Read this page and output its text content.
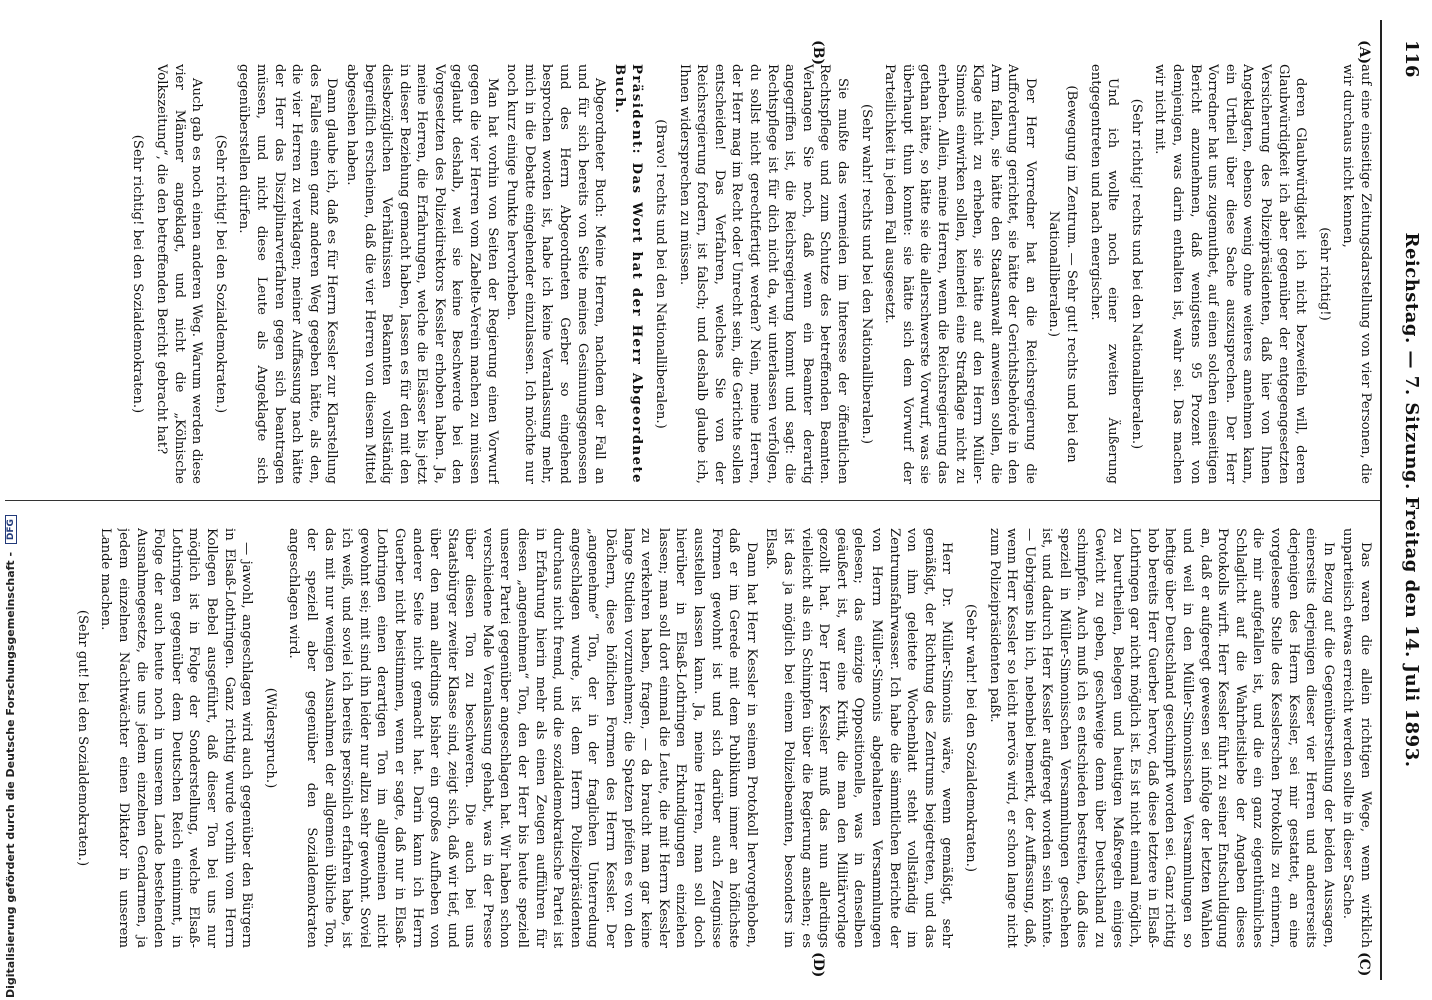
116
Reichstag. — 7. Sitzung. Freitag den 14. Juli 1893.
(A)
(B)
(C)
(D)

auf eine einseitige Zeitungsdarstellung von vier Personen, die wir durchaus nicht kennen,

(sehr richtig!)

deren Glaubwürdigkeit ich nicht bezweifeln will, deren Glaubwürdigkeit ich aber gegenüber der entgegengesetzten Versicherung des Polizeipräsidenten, daß hier von Ihnen Angeklagten, ebenso wenig ohne weiteres annehmen kann, ein Urtheil über diese Sache auszusprechen. Der Herr Vorredner hat uns zugemuthet, auf einen solchen einseitigen Bericht anzunehmen, daß wenigstens 95 Prozent von demjenigen, was darin enthalten ist, wahr sei. Das machen wir nicht mit.

(Sehr richtig! rechts und bei den Nationalliberalen.)

Und ich wollte noch einer zweiten Äußerung entgegentreten und nach energischer.

(Bewegung im Zentrum. — Sehr gut! rechts und bei den Nationalliberalen.)

Der Herr Vorredner hat an die Reichsregierung die Aufforderung gerichtet, sie hätte der Gerichtsbehörde in den Arm fallen, sie hätte den Staatsanwalt anweisen sollen, die Klage nicht zu erheben, sie hätte auf den Herrn Müller-Simonis einwirken sollen, keinerlei eine Strafklage nicht zu erheben. Allein, meine Herren, wenn die Reichsregierung das gethan hätte, so hätte sie die allerschwerste Vorwurf, was sie überhaupt thun konnte: sie hätte sich dem Vorwurf der Parteilichkeit in jedem Fall ausgesetzt.

(Sehr wahr! rechts und bei den Nationalliberalen.)

Sie mußte das vermeiden im Interesse der öffentlichen Rechtspflege und zum Schutze des betreffenden Beamten. Verlangen Sie noch, daß wenn ein Beamter derartig angegriffen ist, die Reichsregierung kommt und sagt: die Rechtspflege ist für dich nicht da, wir unterlassen verfolgen, du sollst nicht gerechtfertigt werden? Nein, meine Herren, der Herr mag im Recht oder Unrecht sein, die Gerichte sollen entscheiden! Das Verfahren, welches Sie von der Reichsregierung fordern, ist falsch; und deshalb glaube ich, Ihnen widersprechen zu müssen.

(Bravo! rechts und bei den Nationalliberalen.)

Präsident: Das Wort hat der Herr Abgeordnete Buch.

Abgeordneter Buch: Meine Herren, nachdem der Fall an und für sich bereits von Seite meines Gesinnungsgenossen und des Herrn Abgeordneten Gerber so eingehend besprochen worden ist, habe ich keine Veranlassung mehr, mich in die Debatte eingehender einzulassen. Ich möchte nur noch kurz einige Punkte hervorheben.

Man hat vorhin von Seiten der Regierung einen Vorwurf gegen die vier Herren vom Zabelte-Verein machen zu müssen geglaubt deshalb, weil sie keine Beschwerde bei den Vorgesetzten des Polizeidirektors Kessler erhoben haben. Ja, meine Herren, die Erfahrungen, welche die Elsässer bis jetzt in dieser Beziehung gemacht haben, lassen es für den mit den diesbezüglichen Verhältnissen Bekannten vollständig begreiflich erscheinen, daß die vier Herren von diesem Mittel abgesehen haben.

Dann glaube ich, daß es für Herrn Kessler zur Klarstellung des Falles einen ganz anderen Weg gegeben hätte, als den, die vier Herren zu verklagen; meiner Auffassung nach hätte der Herr das Disziplinarverfahren gegen sich beantragen müssen, und nicht diese Leute als Angeklagte sich gegenüberstellen dürfen.

(Sehr richtig! bei den Sozialdemokraten.)

Auch gab es noch einen anderen Weg. Warum werden diese vier Männer angeklagt, und nicht die „Kölnische Volkszeitung“, die den betreffenden Bericht gebracht hat?

(Sehr richtig! bei den Sozialdemokraten.)

Das waren die allein richtigen Wege, wenn wirklich unparteiisch etwas erreicht werden sollte in dieser Sache.

In Bezug auf die Gegenüberstellung der beiden Aussagen, einerseits derjenigen dieser vier Herren und andererseits derjenigen des Herrn Kessler, sei mir gestattet, an eine vorgelesene Stelle des Kesslerschen Protokolls zu erinnern, die mir aufgefallen ist, und die ein ganz eigenthümliches Schlaglicht auf die Wahrheitsliebe der Angaben dieses Protokolls wirft. Herr Kessler führt zu seiner Entschuldigung an, daß er aufgeregt gewesen sei infolge der letzten Wahlen und weil in den Müller-Simonisschen Versammlungen so heftige über Deutschland geschimpft worden sei. Ganz richtig hob bereits Herr Guerber hervor, daß diese letztere in Elsaß-Lothringen gar nicht möglich ist. Es ist nicht einmal möglich, zu beurtheilen, Belegen und heutigen Maßregeln einiges Gewicht zu geben, geschweige denn über Deutschland zu schimpfen. Auch muß ich es entschieden bestreiten, daß dies speziell in Müller-Simonisschen Versammlungen geschehen ist, und dadurch Herr Kessler aufgeregt worden sein könnte. — Uebrigens bin ich, nebenbei bemerkt, der Auffassung, daß, wenn Herr Kessler so leicht nervös wird, er schon lange nicht zum Polizeipräsidenten paßt.

(Sehr wahr! bei den Sozialdemokraten.)

Herr Dr. Müller-Simonis wäre, wenn gemäßigt, sehr gemäßigt, der Richtung des Zentrums beigetreten, und das von ihm geleitete Wochenblatt steht vollständig im Zentrumsfahrwasser. Ich habe die sämmtlichen Berichte der von Herrn Müller-Simonis abgehaltenen Versammlungen gelesen; das einzige Oppositionelle, was in denselben geäußert ist, war eine Kritik, die man den Militärvorlage gezollt hat. Der Herr Kessler muß das nun allerdings vielleicht als ein Schimpfen über die Regierung ansehen; es ist das ja möglich bei einem Polizeibeamten, besonders im Elsaß.

Dann hat Herr Kessler in seinem Protokoll hervorgehoben, daß er im Gerede mit dem Publikum immer an höflichste Formen gewohnt ist und sich darüber auch Zeugnisse ausstellen lassen kann. Ja, meine Herren, man soll doch hierüber in Elsaß-Lothringen Erkundigungen einziehen lassen; man soll dort einmal die Leute, die mit Herrn Kessler zu verkehren haben, fragen, — da braucht man gar keine lange Studien vorzunehmen; die Spatzen pfeifen es von den Dächern, diese höflichen Formen des Herrn Kessler. Der „angenehme“ Ton, der in der fraglichen Unterredung angeschlagen wurde, ist dem Herrn Polizeipräsidenten durchaus nicht fremd, und die sozialdemokratische Partei ist in Erfahrung hierin mehr als einen Zeugen aufführen für diesen „angenehmen“ Ton, den der Herr bis heute speziell unserer Partei gegenüber angeschlagen hat. Wir haben schon verschiedene Male Veranlassung gehabt, was in der Presse über diesen Ton zu beschweren. Die auch bei uns Staatsbürger zweiter Klasse sind, zeigt sich, daß wir tief, und über den man allerdings bisher ein großes Aufheben von anderer Seite nicht gemacht hat. Darin kann ich Herrn Guerber nicht beistimmen, wenn er sagte, daß nur in Elsaß-Lothringen einen derartigen Ton im allgemeinen nicht gewohnt sei; mit sind ihn leider nur allzu sehr gewohnt. Soviel ich weiß, und soviel ich bereits persönlich erfahren habe, ist das mit nur wenigen Ausnahmen der allgemein übliche Ton, der speziell aber gegenüber den Sozialdemokraten angeschlagen wird.

(Widerspruch.)

— jawohl, angeschlagen wird auch gegenüber den Bürgern in Elsaß-Lothringen. Ganz richtig wurde vorhin vom Herrn Kollegen Bebel ausgeführt, daß dieser Ton bei uns nur möglich ist in Folge der Sonderstellung, welche Elsaß-Lothringen gegenüber dem Deutschen Reich einnimmt, in Folge der auch heute noch in unserem Lande bestehenden Ausnahmegesetze, die uns jedem einzelnen Gendarmen, ja jedem einzelnen Nachtwächter einen Diktator in unserem Lande machen.

(Sehr gut! bei den Sozialdemokraten.)

Digitalisierung gefördert durch die Deutsche Forschungsgemeinschaft - DFG
